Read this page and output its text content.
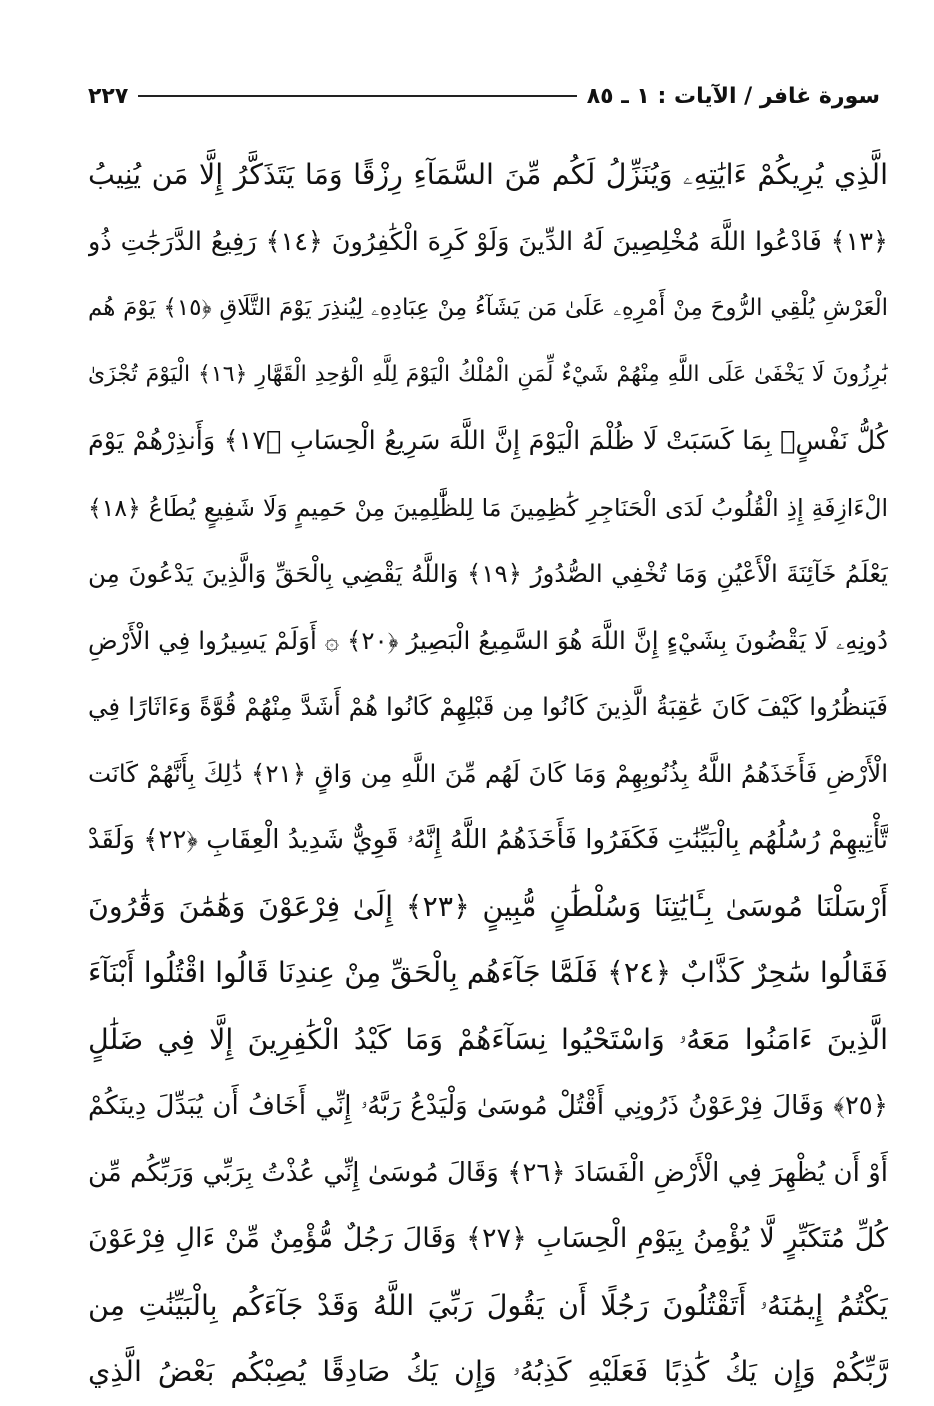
سورة غافر / الآيات : ١ ـ ٨٥
٢٢٧
الَّذِي يُرِيكُمْ ءَايَٰتِهِۦ وَيُنَزِّلُ لَكُم مِّنَ السَّمَآءِ رِزْقًا وَمَا يَتَذَكَّرُ إِلَّا مَن يُنِيبُ
﴿١٣﴾ فَادْعُوا اللَّهَ مُخْلِصِينَ لَهُ الدِّينَ وَلَوْ كَرِهَ الْكَٰفِرُونَ ﴿١٤﴾ رَفِيعُ الدَّرَجَٰتِ ذُو
الْعَرْشِ يُلْقِي الرُّوحَ مِنْ أَمْرِهِۦ عَلَىٰ مَن يَشَآءُ مِنْ عِبَادِهِۦ لِيُنذِرَ يَوْمَ التَّلَاقِ ﴿١٥﴾ يَوْمَ هُم
بَٰرِزُونَ لَا يَخْفَىٰ عَلَى اللَّهِ مِنْهُمْ شَيْءٌ لِّمَنِ الْمُلْكُ الْيَوْمَ لِلَّهِ الْوَٰحِدِ الْقَهَّارِ ﴿١٦﴾ الْيَوْمَ تُجْزَىٰ
كُلُّ نَفْسٍۭ بِمَا كَسَبَتْ لَا ظُلْمَ الْيَوْمَ إِنَّ اللَّهَ سَرِيعُ الْحِسَابِ ﴿١٧﴾ وَأَنذِرْهُمْ يَوْمَ
الْءَازِفَةِ إِذِ الْقُلُوبُ لَدَى الْحَنَاجِرِ كَٰظِمِينَ مَا لِلظَّٰلِمِينَ مِنْ حَمِيمٍ وَلَا شَفِيعٍ يُطَاعُ ﴿١٨﴾
يَعْلَمُ خَآئِنَةَ الْأَعْيُنِ وَمَا تُخْفِي الصُّدُورُ ﴿١٩﴾ وَاللَّهُ يَقْضِي بِالْحَقِّ وَالَّذِينَ يَدْعُونَ مِن
دُونِهِۦ لَا يَقْضُونَ بِشَيْءٍ إِنَّ اللَّهَ هُوَ السَّمِيعُ الْبَصِيرُ ﴿٢٠﴾ ۞ أَوَلَمْ يَسِيرُوا فِي الْأَرْضِ
فَيَنظُرُوا كَيْفَ كَانَ عَٰقِبَةُ الَّذِينَ كَانُوا مِن قَبْلِهِمْ كَانُوا هُمْ أَشَدَّ مِنْهُمْ قُوَّةً وَءَاثَارًا فِي
الْأَرْضِ فَأَخَذَهُمُ اللَّهُ بِذُنُوبِهِمْ وَمَا كَانَ لَهُم مِّنَ اللَّهِ مِن وَاقٍ ﴿٢١﴾ ذَٰلِكَ بِأَنَّهُمْ كَانَت
تَّأْتِيهِمْ رُسُلُهُم بِالْبَيِّنَٰتِ فَكَفَرُوا فَأَخَذَهُمُ اللَّهُ إِنَّهُۥ قَوِيٌّ شَدِيدُ الْعِقَابِ ﴿٢٢﴾ وَلَقَدْ
أَرْسَلْنَا مُوسَىٰ بِـَٔايَٰتِنَا وَسُلْطَٰنٍ مُّبِينٍ ﴿٢٣﴾ إِلَىٰ فِرْعَوْنَ وَهَٰمَٰنَ وَقَٰرُونَ
فَقَالُوا سَٰحِرٌ كَذَّابٌ ﴿٢٤﴾ فَلَمَّا جَآءَهُم بِالْحَقِّ مِنْ عِندِنَا قَالُوا اقْتُلُوا أَبْنَآءَ
الَّذِينَ ءَامَنُوا مَعَهُۥ وَاسْتَحْيُوا نِسَآءَهُمْ وَمَا كَيْدُ الْكَٰفِرِينَ إِلَّا فِي ضَلَٰلٍ
﴿٢٥﴾ وَقَالَ فِرْعَوْنُ ذَرُونِي أَقْتُلْ مُوسَىٰ وَلْيَدْعُ رَبَّهُۥ إِنِّي أَخَافُ أَن يُبَدِّلَ دِينَكُمْ
أَوْ أَن يُظْهِرَ فِي الْأَرْضِ الْفَسَادَ ﴿٢٦﴾ وَقَالَ مُوسَىٰ إِنِّي عُذْتُ بِرَبِّي وَرَبِّكُم مِّن
كُلِّ مُتَكَبِّرٍ لَّا يُؤْمِنُ بِيَوْمِ الْحِسَابِ ﴿٢٧﴾ وَقَالَ رَجُلٌ مُّؤْمِنٌ مِّنْ ءَالِ فِرْعَوْنَ
يَكْتُمُ إِيمَٰنَهُۥ أَتَقْتُلُونَ رَجُلًا أَن يَقُولَ رَبِّيَ اللَّهُ وَقَدْ جَآءَكُم بِالْبَيِّنَٰتِ مِن
رَّبِّكُمْ وَإِن يَكُ كَٰذِبًا فَعَلَيْهِ كَذِبُهُۥ وَإِن يَكُ صَادِقًا يُصِبْكُم بَعْضُ الَّذِي
